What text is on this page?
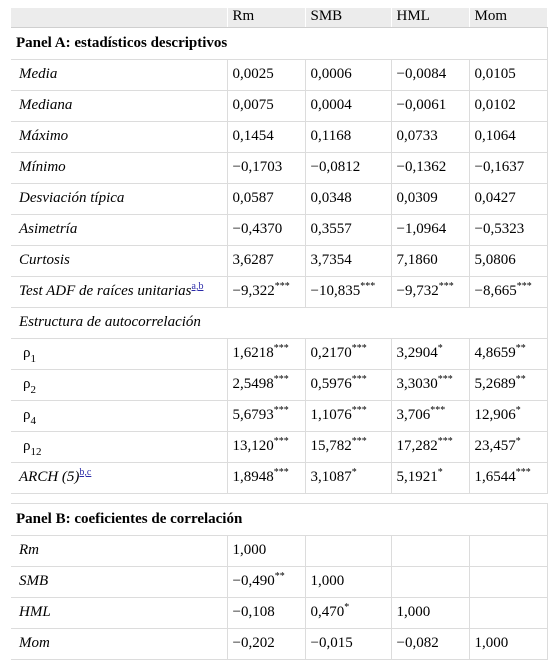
	Rm	SMB	HML	Mom
Panel A: estadísticos descriptivos				
Media	0,0025	0,0006	−0,0084	0,0105
Mediana	0,0075	0,0004	−0,0061	0,0102
Máximo	0,1454	0,1168	0,0733	0,1064
Mínimo	−0,1703	−0,0812	−0,1362	−0,1637
Desviación típica	0,0587	0,0348	0,0309	0,0427
Asimetría	−0,4370	0,3557	−1,0964	−0,5323
Curtosis	3,6287	3,7354	7,1860	5,0806
Test ADF de raíces unitarias$^{a,b}$	−9,322***	−10,835***	−9,732***	−8,665***
Estructura de autocorrelación				
$\rho_1$	1,6218***	0,2170***	3,2904*	4,8659**
$\rho_2$	2,5498***	0,5976***	3,3030***	5,2689**
$\rho_4$	5,6793***	1,1076***	3,706***	12,906*
$\rho_{12}$	13,120***	15,782***	17,282***	23,457*
ARCH (5)$^{b,c}$	1,8948***	3,1087*	5,1921*	1,6544***

Panel B: coeficientes de correlación				
Rm	1,000			
SMB	−0,490**	1,000		
HML	−0,108	0,470*	1,000	
Mom	−0,202	−0,015	−0,082	1,000
